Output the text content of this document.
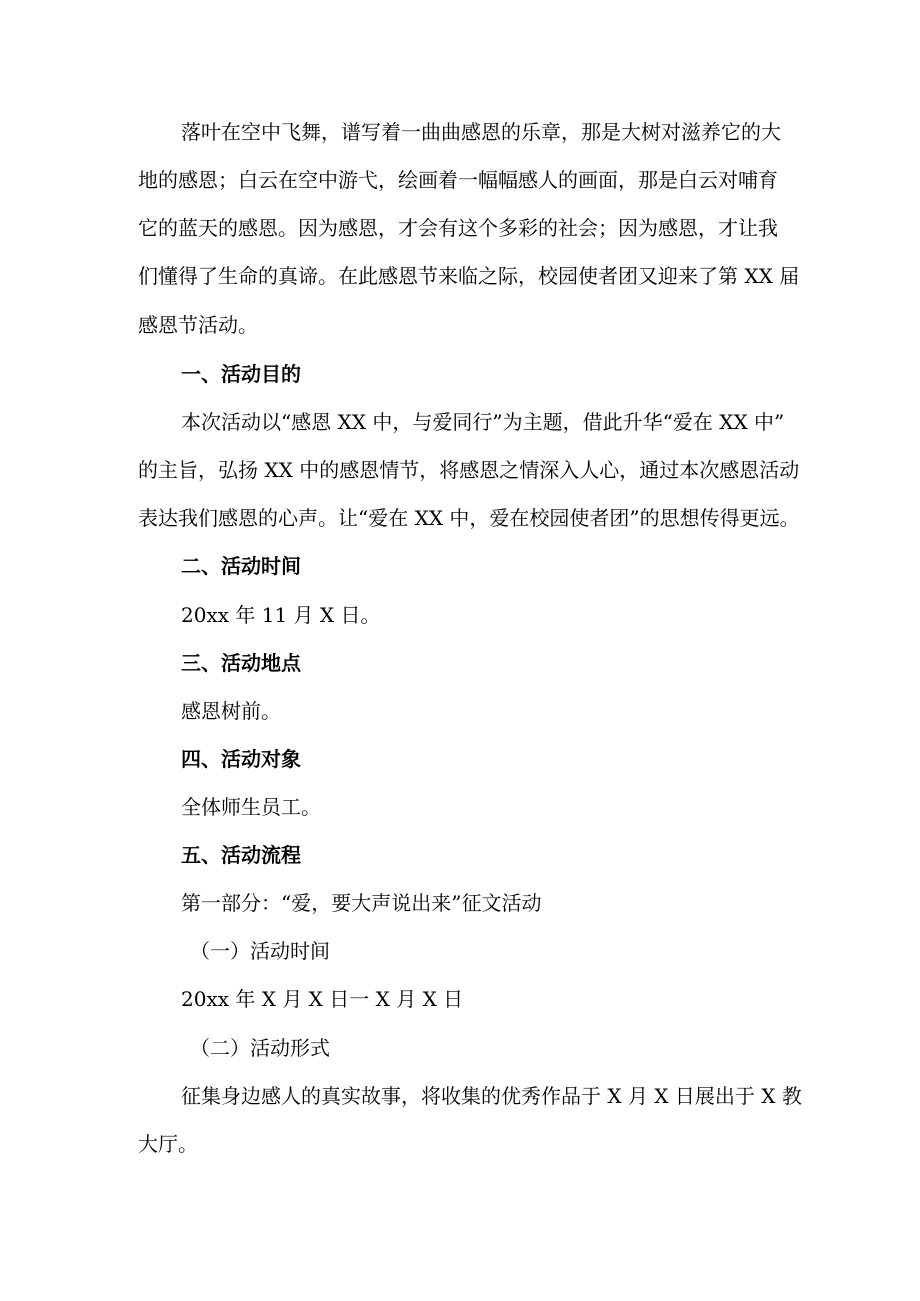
落叶在空中飞舞，谱写着一曲曲感恩的乐章，那是大树对滋养它的大
地的感恩；白云在空中游弋，绘画着一幅幅感人的画面，那是白云对哺育
它的蓝天的感恩。因为感恩，才会有这个多彩的社会；因为感恩，才让我
们懂得了生命的真谛。在此感恩节来临之际，校园使者团又迎来了第 XX 届
感恩节活动。
一、活动目的
本次活动以“感恩 XX 中，与爱同行”为主题，借此升华“爱在 XX 中”
的主旨，弘扬 XX 中的感恩情节，将感恩之情深入人心，通过本次感恩活动
表达我们感恩的心声。让“爱在 XX 中，爱在校园使者团”的思想传得更远。
二、活动时间
20xx 年 11 月 X 日。
三、活动地点
感恩树前。
四、活动对象
全体师生员工。
五、活动流程
第一部分：“爱，要大声说出来”征文活动
（一）活动时间
20xx 年 X 月 X 日一 X 月 X 日
（二）活动形式
征集身边感人的真实故事，将收集的优秀作品于 X 月 X 日展出于 X 教
大厅。
